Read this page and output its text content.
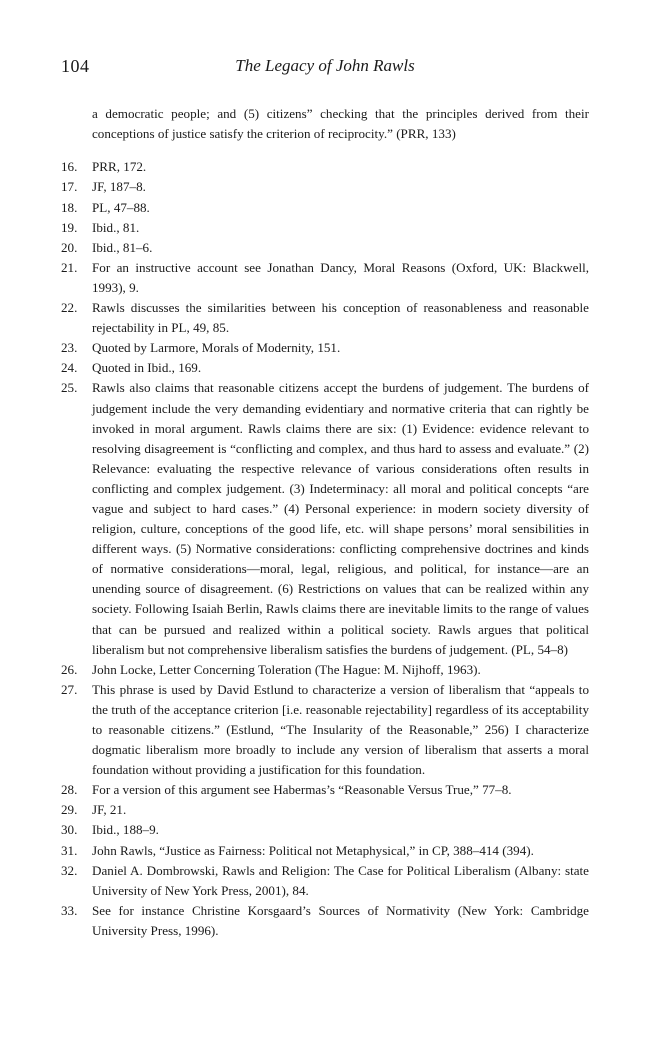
104	The Legacy of John Rawls

a democratic people; and (5) citizens” checking that the principles derived from their conceptions of justice satisfy the criterion of reciprocity.” (PRR, 133)

16.	PRR, 172.
17.	JF, 187–8.
18.	PL, 47–88.
19.	Ibid., 81.
20.	Ibid., 81–6.
21.	For an instructive account see Jonathan Dancy, Moral Reasons (Oxford, UK: Blackwell, 1993), 9.
22.	Rawls discusses the similarities between his conception of reasonableness and reasonable rejectability in PL, 49, 85.
23.	Quoted by Larmore, Morals of Modernity, 151.
24.	Quoted in Ibid., 169.
25.	Rawls also claims that reasonable citizens accept the burdens of judgement. The burdens of judgement include the very demanding evidentiary and normative criteria that can rightly be invoked in moral argument. Rawls claims there are six: (1) Evidence: evidence relevant to resolving disagreement is “conflicting and complex, and thus hard to assess and evaluate.” (2) Relevance: evaluating the respective relevance of various considerations often results in conflicting and complex judgement. (3) Indeterminacy: all moral and political concepts “are vague and subject to hard cases.” (4) Personal experience: in modern society diversity of religion, culture, conceptions of the good life, etc. will shape persons’ moral sensibilities in different ways. (5) Normative considerations: conflicting comprehensive doctrines and kinds of normative considerations—moral, legal, religious, and political, for instance—are an unending source of disagreement. (6) Restrictions on values that can be realized within any society. Following Isaiah Berlin, Rawls claims there are inevitable limits to the range of values that can be pursued and realized within a political society. Rawls argues that political liberalism but not comprehensive liberalism satisfies the burdens of judgement. (PL, 54–8)
26.	John Locke, Letter Concerning Toleration (The Hague: M. Nijhoff, 1963).
27.	This phrase is used by David Estlund to characterize a version of liberalism that “appeals to the truth of the acceptance criterion [i.e. reasonable rejectability] regardless of its acceptability to reasonable citizens.” (Estlund, “The Insularity of the Reasonable,” 256) I characterize dogmatic liberalism more broadly to include any version of liberalism that asserts a moral foundation without providing a justification for this foundation.
28.	For a version of this argument see Habermas’s “Reasonable Versus True,” 77–8.
29.	JF, 21.
30.	Ibid., 188–9.
31.	John Rawls, “Justice as Fairness: Political not Metaphysical,” in CP, 388–414 (394).
32.	Daniel A. Dombrowski, Rawls and Religion: The Case for Political Liberalism (Albany: state University of New York Press, 2001), 84.
33.	See for instance Christine Korsgaard’s Sources of Normativity (New York: Cambridge University Press, 1996).
